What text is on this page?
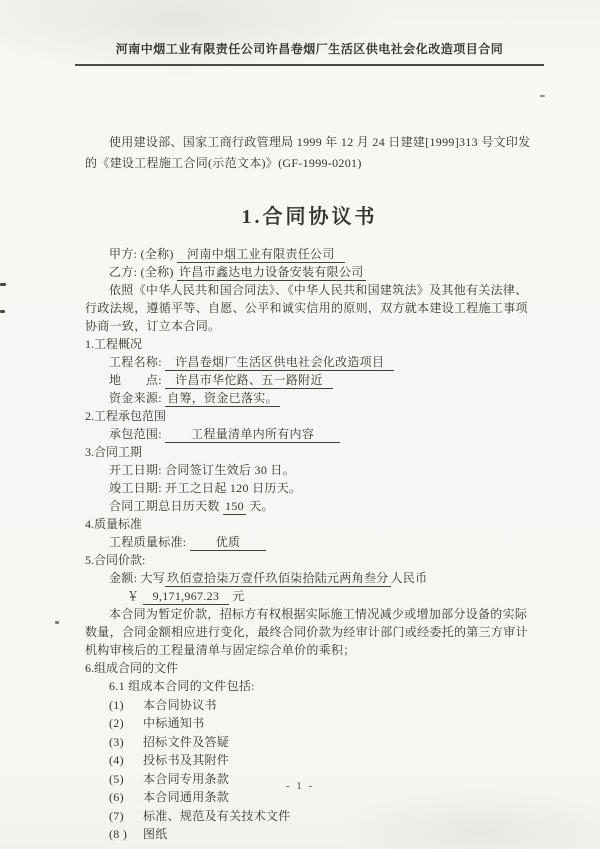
河南中烟工业有限责任公司许昌卷烟厂生活区供电社会化改造项目合同
使用建设部、国家工商行政管理局 1999 年 12 月 24 日建建[1999]313 号文印发的《建设工程施工合同(示范文本)》(GF-1999-0201)
1.合同协议书
甲方: (全称) 河南中烟工业有限责任公司
乙方: (全称) 许昌市鑫达电力设备安装有限公司
依照《中华人民共和国合同法》、《中华人民共和国建筑法》及其他有关法律、行政法规，遵循平等、自愿、公平和诚实信用的原则，双方就本建设工程施工事项协商一致，订立本合同。
1.工程概况
工程名称: 许昌卷烟厂生活区供电社会化改造项目
地　　点: 许昌市华佗路、五一路附近
资金来源: 自筹，资金已落实。
2.工程承包范围
承包范围: 工程量清单内所有内容
3.合同工期
开工日期: 合同签订生效后 30 日。
竣工日期: 开工之日起 120 日历天。
合同工期总日历天数 150 天。
4.质量标准
工程质量标准: 优质
5.合同价款:
金额: 大写 玖佰壹拾柒万壹仟玖佰柒拾陆元两角叁分 人民币
￥ 9,171,967.23 元
本合同为暂定价款，招标方有权根据实际施工情况减少或增加部分设备的实际数量，合同金额相应进行变化，最终合同价款为经审计部门或经委托的第三方审计机构审核后的工程量清单与固定综合单价的乘积；
6.组成合同的文件
6.1 组成本合同的文件包括:
(1) 本合同协议书
(2) 中标通知书
(3) 招标文件及答疑
(4) 投标书及其附件
(5) 本合同专用条款
(6) 本合同通用条款
(7) 标准、规范及有关技术文件
(8 ) 图纸
- 1 -
